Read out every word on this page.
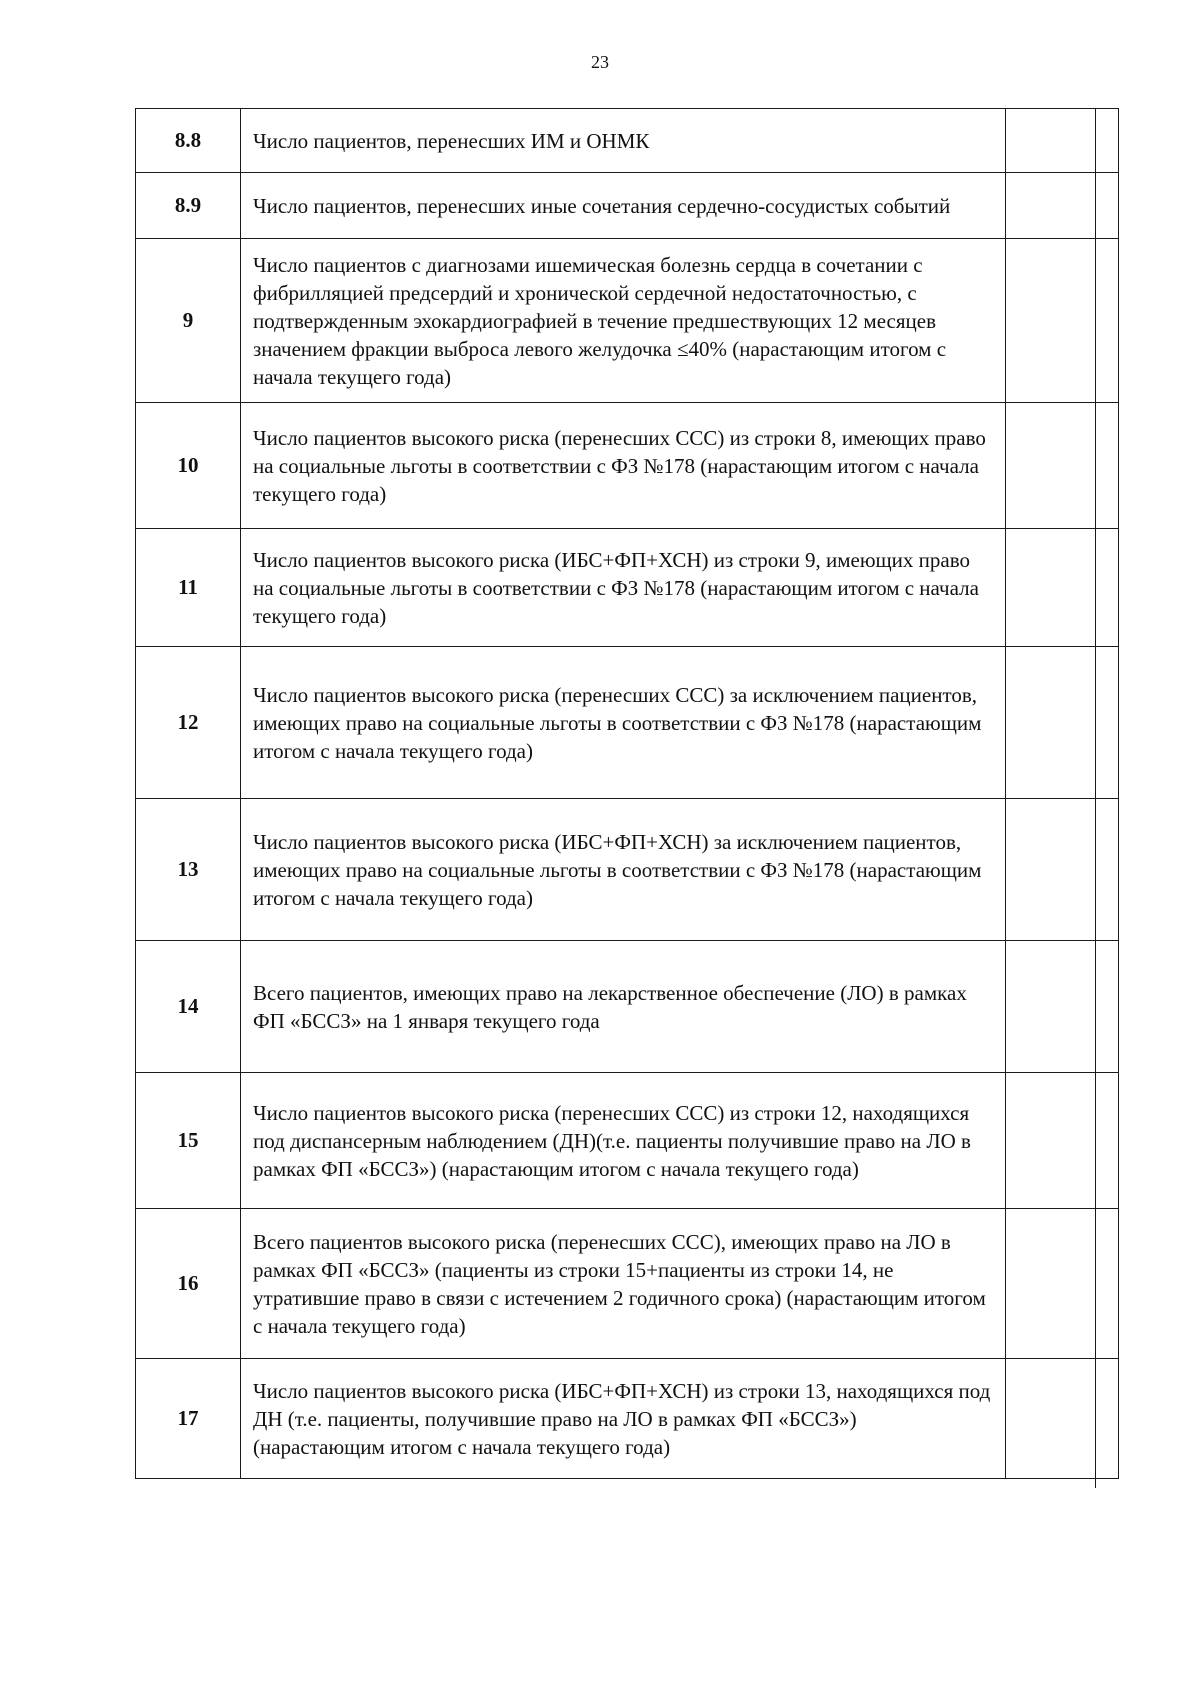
23
8.8	Число пациентов, перенесших ИМ и ОНМК	
8.9	Число пациентов, перенесших иные сочетания сердечно-сосудистых событий	
9	Число пациентов с диагнозами ишемическая болезнь сердца в сочетании с фибрилляцией предсердий и хронической сердечной недостаточностью, с подтвержденным эхокардиографией в течение предшествующих 12 месяцев значением фракции выброса левого желудочка ≤40% (нарастающим итогом с начала текущего года)	
10	Число пациентов высокого риска (перенесших ССС) из строки 8, имеющих право на социальные льготы в соответствии с ФЗ №178 (нарастающим итогом с начала текущего года)	
11	Число пациентов высокого риска (ИБС+ФП+ХСН) из строки 9, имеющих право на социальные льготы в соответствии с ФЗ №178 (нарастающим итогом с начала текущего года)	
12	Число пациентов высокого риска (перенесших ССС) за исключением пациентов, имеющих право на социальные льготы в соответствии с ФЗ №178 (нарастающим итогом с начала текущего года)	
13	Число пациентов высокого риска (ИБС+ФП+ХСН) за исключением пациентов, имеющих право на социальные льготы в соответствии с ФЗ №178 (нарастающим итогом с начала текущего года)	
14	Всего пациентов, имеющих право на лекарственное обеспечение (ЛО) в рамках ФП «БССЗ» на 1 января текущего года	
15	Число пациентов высокого риска (перенесших ССС) из строки 12, находящихся под диспансерным наблюдением (ДН)(т.е. пациенты получившие право на ЛО в рамках ФП «БССЗ») (нарастающим итогом с начала текущего года)	
16	Всего пациентов высокого риска (перенесших ССС), имеющих право на ЛО в рамках ФП «БССЗ» (пациенты из строки 15+пациенты из строки 14, не утратившие право в связи с истечением 2 годичного срока) (нарастающим итогом с начала текущего года)	
17	Число пациентов высокого риска (ИБС+ФП+ХСН) из строки 13, находящихся под ДН (т.е. пациенты, получившие право на ЛО в рамках ФП «БССЗ») (нарастающим итогом с начала текущего года)	
